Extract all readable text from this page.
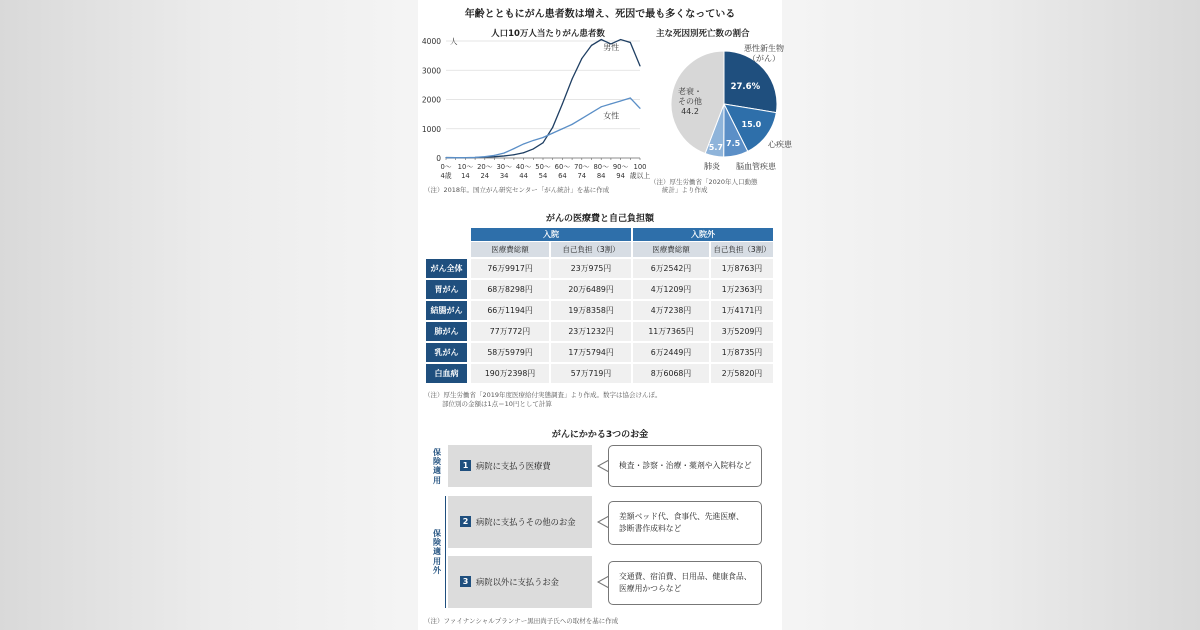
年齢とともにがん患者数は増え、死因で最も多くなっている
人口10万人当たりがん患者数
0
1000
2000
3000
4000 人
0〜
4歳
10〜
14
20〜
24
30〜
34
40〜
44
50〜
54
60〜
64
70〜
74
80〜
84
90〜
94
100
歳以上
男性
女性
（注）2018年。国立がん研究センター「がん統計」を基に作成
主な死因別死亡数の割合
27.6%
15.0
7.5
5.7
悪性新生物
（がん）
心疾患
脳血管疾患
肺炎
老衰・
その他
44.2
（注）厚生労働省「2020年人口動態
統計」より作成
がんの医療費と自己負担額
入院	入院外
医療費総額	自己負担（3割）	医療費総額	自己負担（3割）
がん全体	76万9917円	23万975円	6万2542円	1万8763円
胃がん	68万8298円	20万6489円	4万1209円	1万2363円
結腸がん	66万1194円	19万8358円	4万7238円	1万4171円
肺がん	77万772円	23万1232円	11万7365円	3万5209円
乳がん	58万5979円	17万5794円	6万2449円	1万8735円
白血病	190万2398円	57万719円	8万6068円	2万5820円
（注）厚生労働省「2019年度医療給付実態調査」より作成。数字は協会けんぽ。
部位別の金額は1点＝10円として計算
がんにかかる3つのお金
保険適用
保険適用外
1 病院に支払う医療費
2 病院に支払うその他のお金
3 病院以外に支払うお金
検査・診察・治療・薬剤や入院料など
差額ベッド代、食事代、先進医療、
診断書作成料など
交通費、宿泊費、日用品、健康食品、
医療用かつらなど
（注）ファイナンシャルプランナー黒田尚子氏への取材を基に作成
